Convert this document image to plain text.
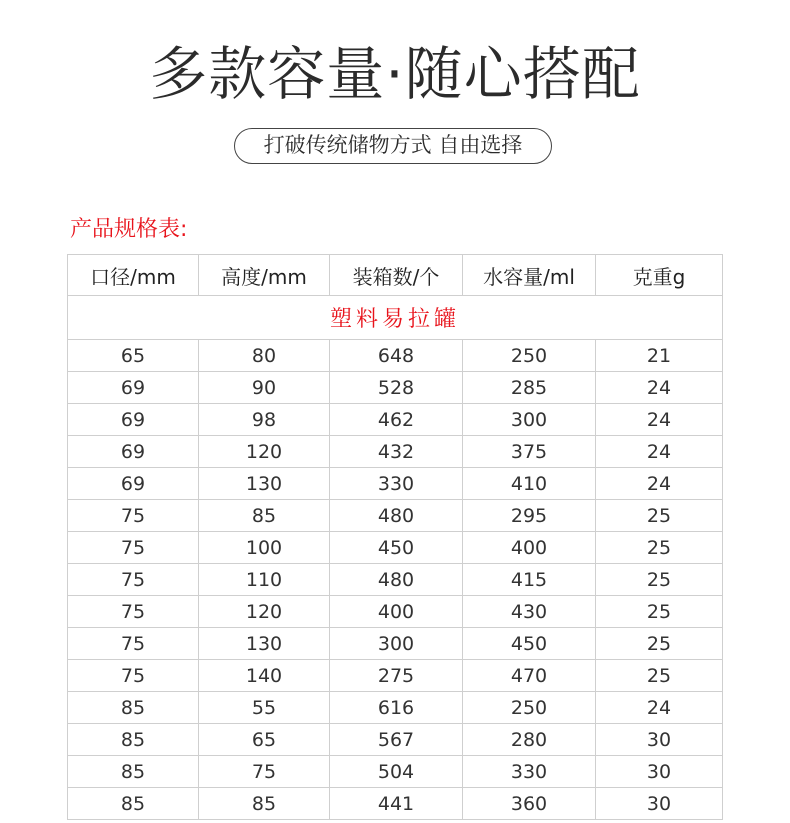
多款容量·随心搭配
打破传统储物方式 自由选择
产品规格表:
口径/mm	高度/mm	装箱数/个	水容量/ml	克重g
塑料易拉罐				
65	80	648	250	21
69	90	528	285	24
69	98	462	300	24
69	120	432	375	24
69	130	330	410	24
75	85	480	295	25
75	100	450	400	25
75	110	480	415	25
75	120	400	430	25
75	130	300	450	25
75	140	275	470	25
85	55	616	250	24
85	65	567	280	30
85	75	504	330	30
85	85	441	360	30
